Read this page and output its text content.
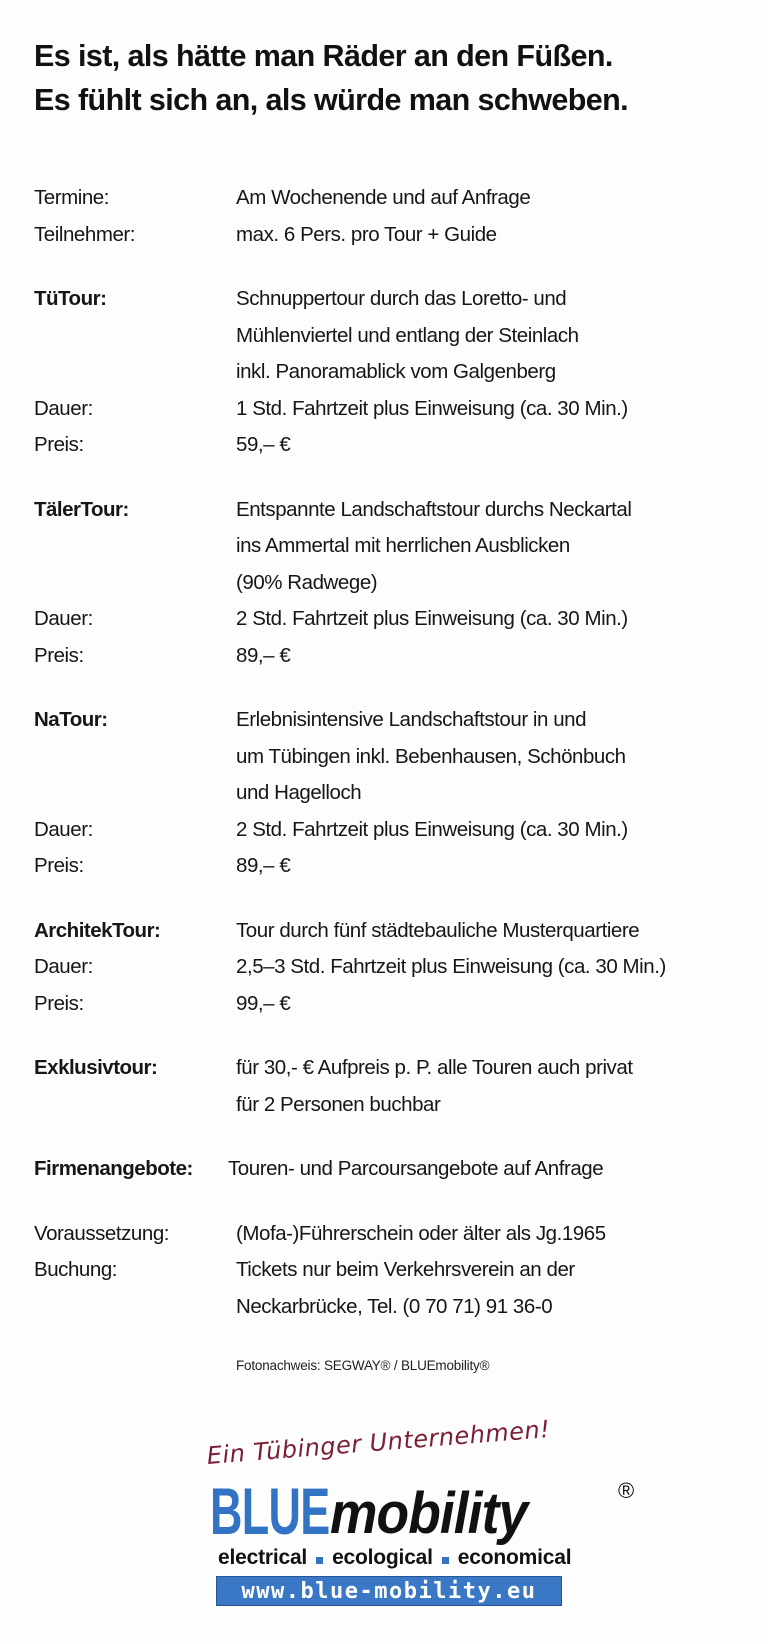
Es ist, als hätte man Räder an den Füßen.
Es fühlt sich an, als würde man schweben.
Termine:	Am Wochenende und auf Anfrage
Teilnehmer:	max. 6 Pers. pro Tour + Guide
TüTour:	Schnuppertour durch das Loretto- und
Mühlenviertel und entlang der Steinlach
inkl. Panoramablick vom Galgenberg
Dauer:	1 Std. Fahrtzeit plus Einweisung (ca. 30 Min.)
Preis:	59,– €
TälerTour:	Entspannte Landschaftstour durchs Neckartal
ins Ammertal mit herrlichen Ausblicken
(90% Radwege)
Dauer:	2 Std. Fahrtzeit plus Einweisung (ca. 30 Min.)
Preis:	89,– €
NaTour:	Erlebnisintensive Landschaftstour in und
um Tübingen inkl. Bebenhausen, Schönbuch
und Hagelloch
Dauer:	2 Std. Fahrtzeit plus Einweisung (ca. 30 Min.)
Preis:	89,– €
ArchitekTour:	Tour durch fünf städtebauliche Musterquartiere
Dauer:	2,5–3 Std. Fahrtzeit plus Einweisung (ca. 30 Min.)
Preis:	99,– €
Exklusivtour:	für 30,- € Aufpreis p. P. alle Touren auch privat
für 2 Personen buchbar
Firmenangebote:	Touren- und Parcoursangebote auf Anfrage
Voraussetzung:	(Mofa-)Führerschein oder älter als Jg.1965
Buchung:	Tickets nur beim Verkehrsverein an der
Neckarbrücke, Tel. (0 70 71) 91 36-0
Fotonachweis: SEGWAY® / BLUEmobility®
Ein Tübinger Unternehmen!
BLUE mobility	®
electrical ecological economical
www.blue-mobility.eu
